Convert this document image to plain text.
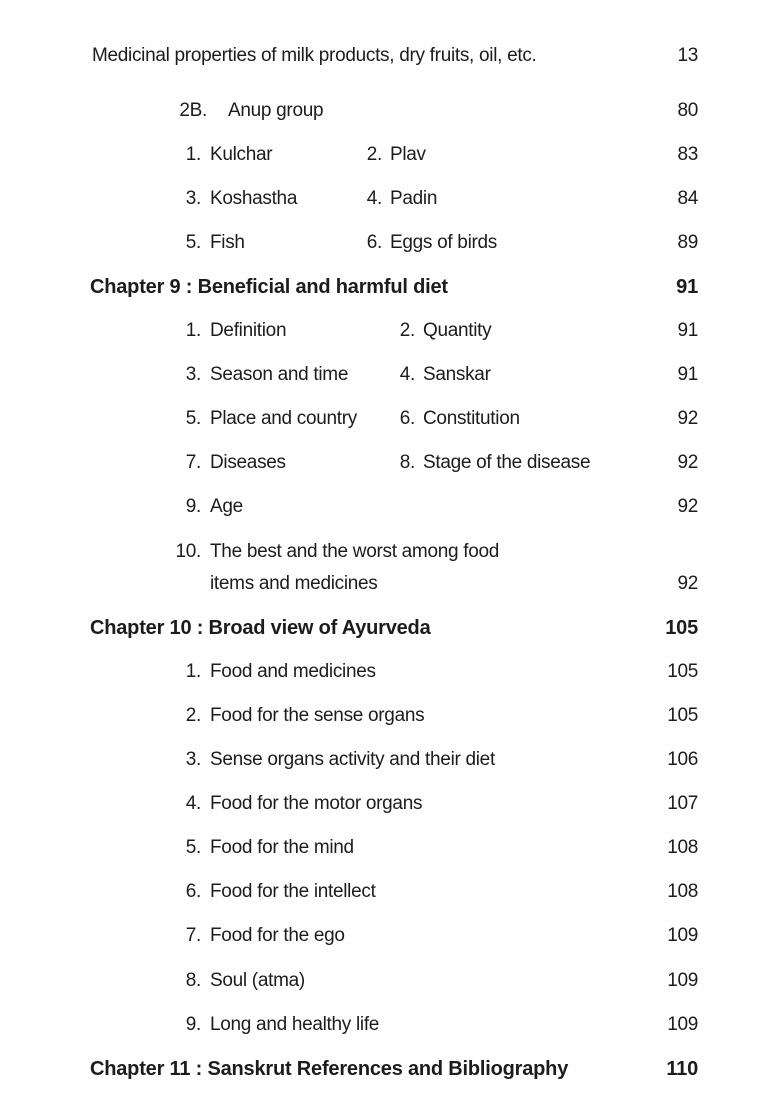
Medicinal properties of milk products, dry fruits, oil, etc.	13
2B. Anup group	80
1. Kulchar	2. Plav	83
3. Koshastha	4. Padin	84
5. Fish	6. Eggs of birds	89
Chapter 9 : Beneficial and harmful diet	91
1. Definition	2. Quantity	91
3. Season and time	4. Sanskar	91
5. Place and country 6. Constitution	92
7. Diseases	8. Stage of the disease	92
9. Age	92
10. The best and the worst among food
items and medicines	92
Chapter 10 : Broad view of Ayurveda	105
1. Food and medicines	105
2. Food for the sense organs	105
3. Sense organs activity and their diet	106
4. Food for the motor organs	107
5. Food for the mind	108
6. Food for the intellect	108
7. Food for the ego	109
8. Soul (atma)	109
9. Long and healthy life	109
Chapter 11 : Sanskrut References and Bibliography	110
